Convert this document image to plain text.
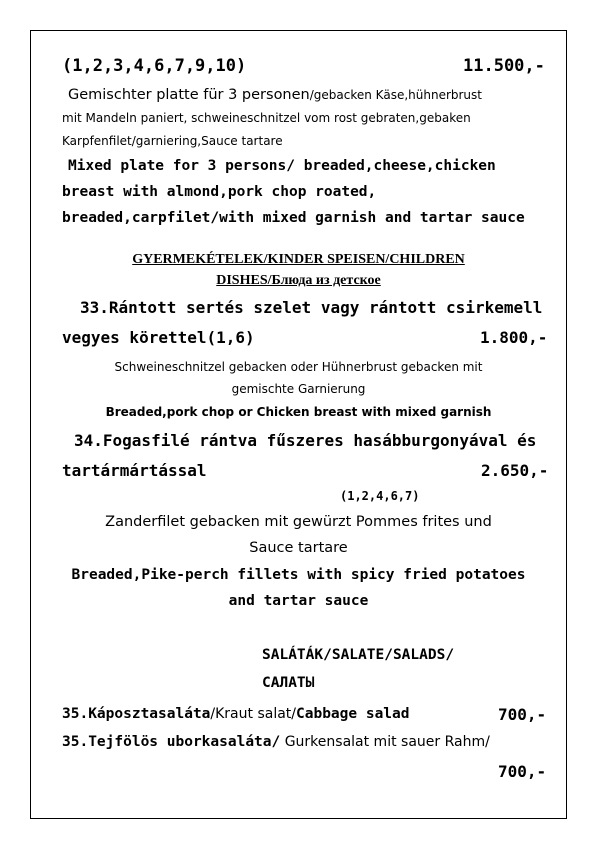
(1,2,3,4,6,7,9,10)	11.500,-
Gemischter platte für 3 personen/gebacken Käse,hühnerbrust
mit Mandeln paniert, schweineschnitzel vom rost gebraten,gebaken
Karpfenfilet/garniering,Sauce tartare
Mixed plate for 3 persons/ breaded,cheese,chicken
breast with almond,pork chop roated,
breaded,carpfilet/with mixed garnish and tartar sauce
GYERMEKÉTELEK/KINDER SPEISEN/CHILDREN
DISHES/Блюда из детское
33.Rántott sertés szelet vagy rántott csirkemell
vegyes körettel(1,6)	1.800,-
Schweineschnitzel gebacken oder Hühnerbrust gebacken mit
gemischte Garnierung
Breaded,pork chop or Chicken breast with mixed garnish
34.Fogasfilé rántva fűszeres hasábburgonyával és
tartármártással	2.650,-
(1,2,4,6,7)
Zanderfilet gebacken mit gewürzt Pommes frites und
Sauce tartare
Breaded,Pike-perch fillets with spicy fried potatoes
and tartar sauce
SALÁTÁK/SALATE/SALADS/
САЛАТЫ
35.Káposztasaláta/Kraut salat/Cabbage salad	700,-
35.Tejfölös uborkasaláta/ Gurkensalat mit sauer Rahm/
700,-
